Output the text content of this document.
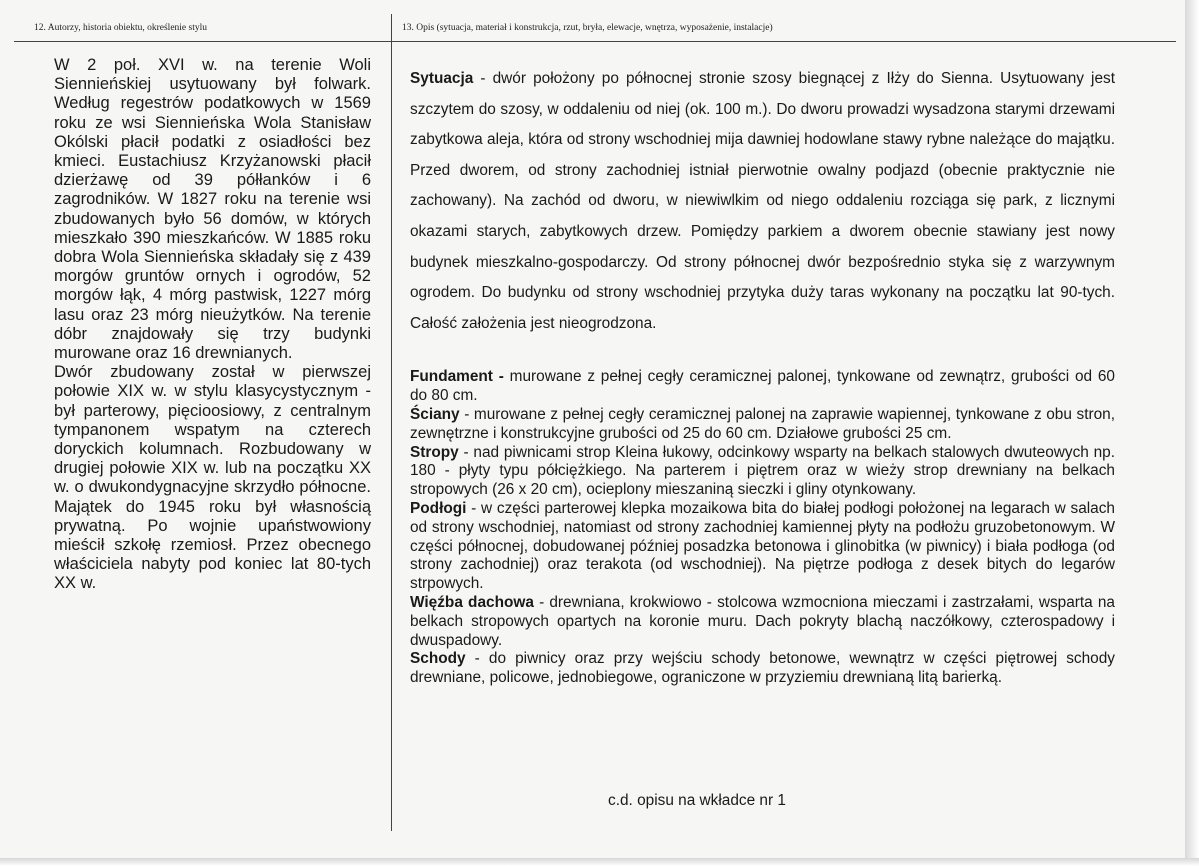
12. Autorzy, historia obiektu, określenie stylu	13. Opis (sytuacja, materiał i konstrukcja, rzut, bryła, elewacje, wnętrza, wyposażenie, instalacje)

W 2 poł. XVI w. na terenie Woli Siennieńskiej usytuowany był folwark. Według regestrów podatkowych w 1569 roku ze wsi Siennieńska Wola Stanisław Okólski płacił podatki z osiadłości bez kmieci. Eustachiusz Krzyżanowski płacił dzierżawę od 39 półłanków i 6 zagrodników. W 1827 roku na terenie wsi zbudowanych było 56 domów, w których mieszkało 390 mieszkańców. W 1885 roku dobra Wola Siennieńska składały się z 439 morgów gruntów ornych i ogrodów, 52 morgów łąk, 4 mórg pastwisk, 1227 mórg lasu oraz 23 mórg nieużytków. Na terenie dóbr znajdowały się trzy budynki murowane oraz 16 drewnianych.

Dwór zbudowany został w pierwszej połowie XIX w. w stylu klasycystycznym - był parterowy, pięcioosiowy, z centralnym tympanonem wspatym na czterech doryckich kolumnach. Rozbudowany w drugiej połowie XIX w. lub na początku XX w. o dwukondygnacyjne skrzydło północne. Majątek do 1945 roku był własnością prywatną. Po wojnie upaństwowiony mieścił szkołę rzemiosł. Przez obecnego właściciela nabyty pod koniec lat 80-tych XX w.

Sytuacja - dwór położony po północnej stronie szosy biegnącej z Iłży do Sienna. Usytuowany jest szczytem do szosy, w oddaleniu od niej (ok. 100 m.). Do dworu prowadzi wysadzona starymi drzewami zabytkowa aleja, która od strony wschodniej mija dawniej hodowlane stawy rybne należące do majątku. Przed dworem, od strony zachodniej istniał pierwotnie owalny podjazd (obecnie praktycznie nie zachowany). Na zachód od dworu, w niewiwlkim od niego oddaleniu rozciąga się park, z licznymi okazami starych, zabytkowych drzew. Pomiędzy parkiem a dworem obecnie stawiany jest nowy budynek mieszkalno-gospodarczy. Od strony północnej dwór bezpośrednio styka się z warzywnym ogrodem. Do budynku od strony wschodniej przytyka duży taras wykonany na początku lat 90-tych. Całość założenia jest nieogrodzona.

Fundament - murowane z pełnej cegły ceramicznej palonej, tynkowane od zewnątrz, grubości od 60 do 80 cm.

Ściany - murowane z pełnej cegły ceramicznej palonej na zaprawie wapiennej, tynkowane z obu stron, zewnętrzne i konstrukcyjne grubości od 25 do 60 cm. Działowe grubości 25 cm.

Stropy - nad piwnicami strop Kleina łukowy, odcinkowy wsparty na belkach stalowych dwuteowych np. 180 - płyty typu półciężkiego. Na parterem i piętrem oraz w wieży strop drewniany na belkach stropowych (26 x 20 cm), ocieplony mieszaniną sieczki i gliny otynkowany.

Podłogi - w części parterowej klepka mozaikowa bita do białej podłogi położonej na legarach w salach od strony wschodniej, natomiast od strony zachodniej kamiennej płyty na podłożu gruzobetonowym. W części północnej, dobudowanej później posadzka betonowa i glinobitka (w piwnicy) i biała podłoga (od strony zachodniej) oraz terakota (od wschodniej). Na piętrze podłoga z desek bitych do legarów strpowych.

Więźba dachowa - drewniana, krokwiowo - stolcowa wzmocniona mieczami i zastrzałami, wsparta na belkach stropowych opartych na koronie muru. Dach pokryty blachą naczółkowy, czterospadowy i dwuspadowy.

Schody - do piwnicy oraz przy wejściu schody betonowe, wewnątrz w części piętrowej schody drewniane, policowe, jednobiegowe, ograniczone w przyziemiu drewnianą litą barierką.

c.d. opisu na wkładce nr 1
